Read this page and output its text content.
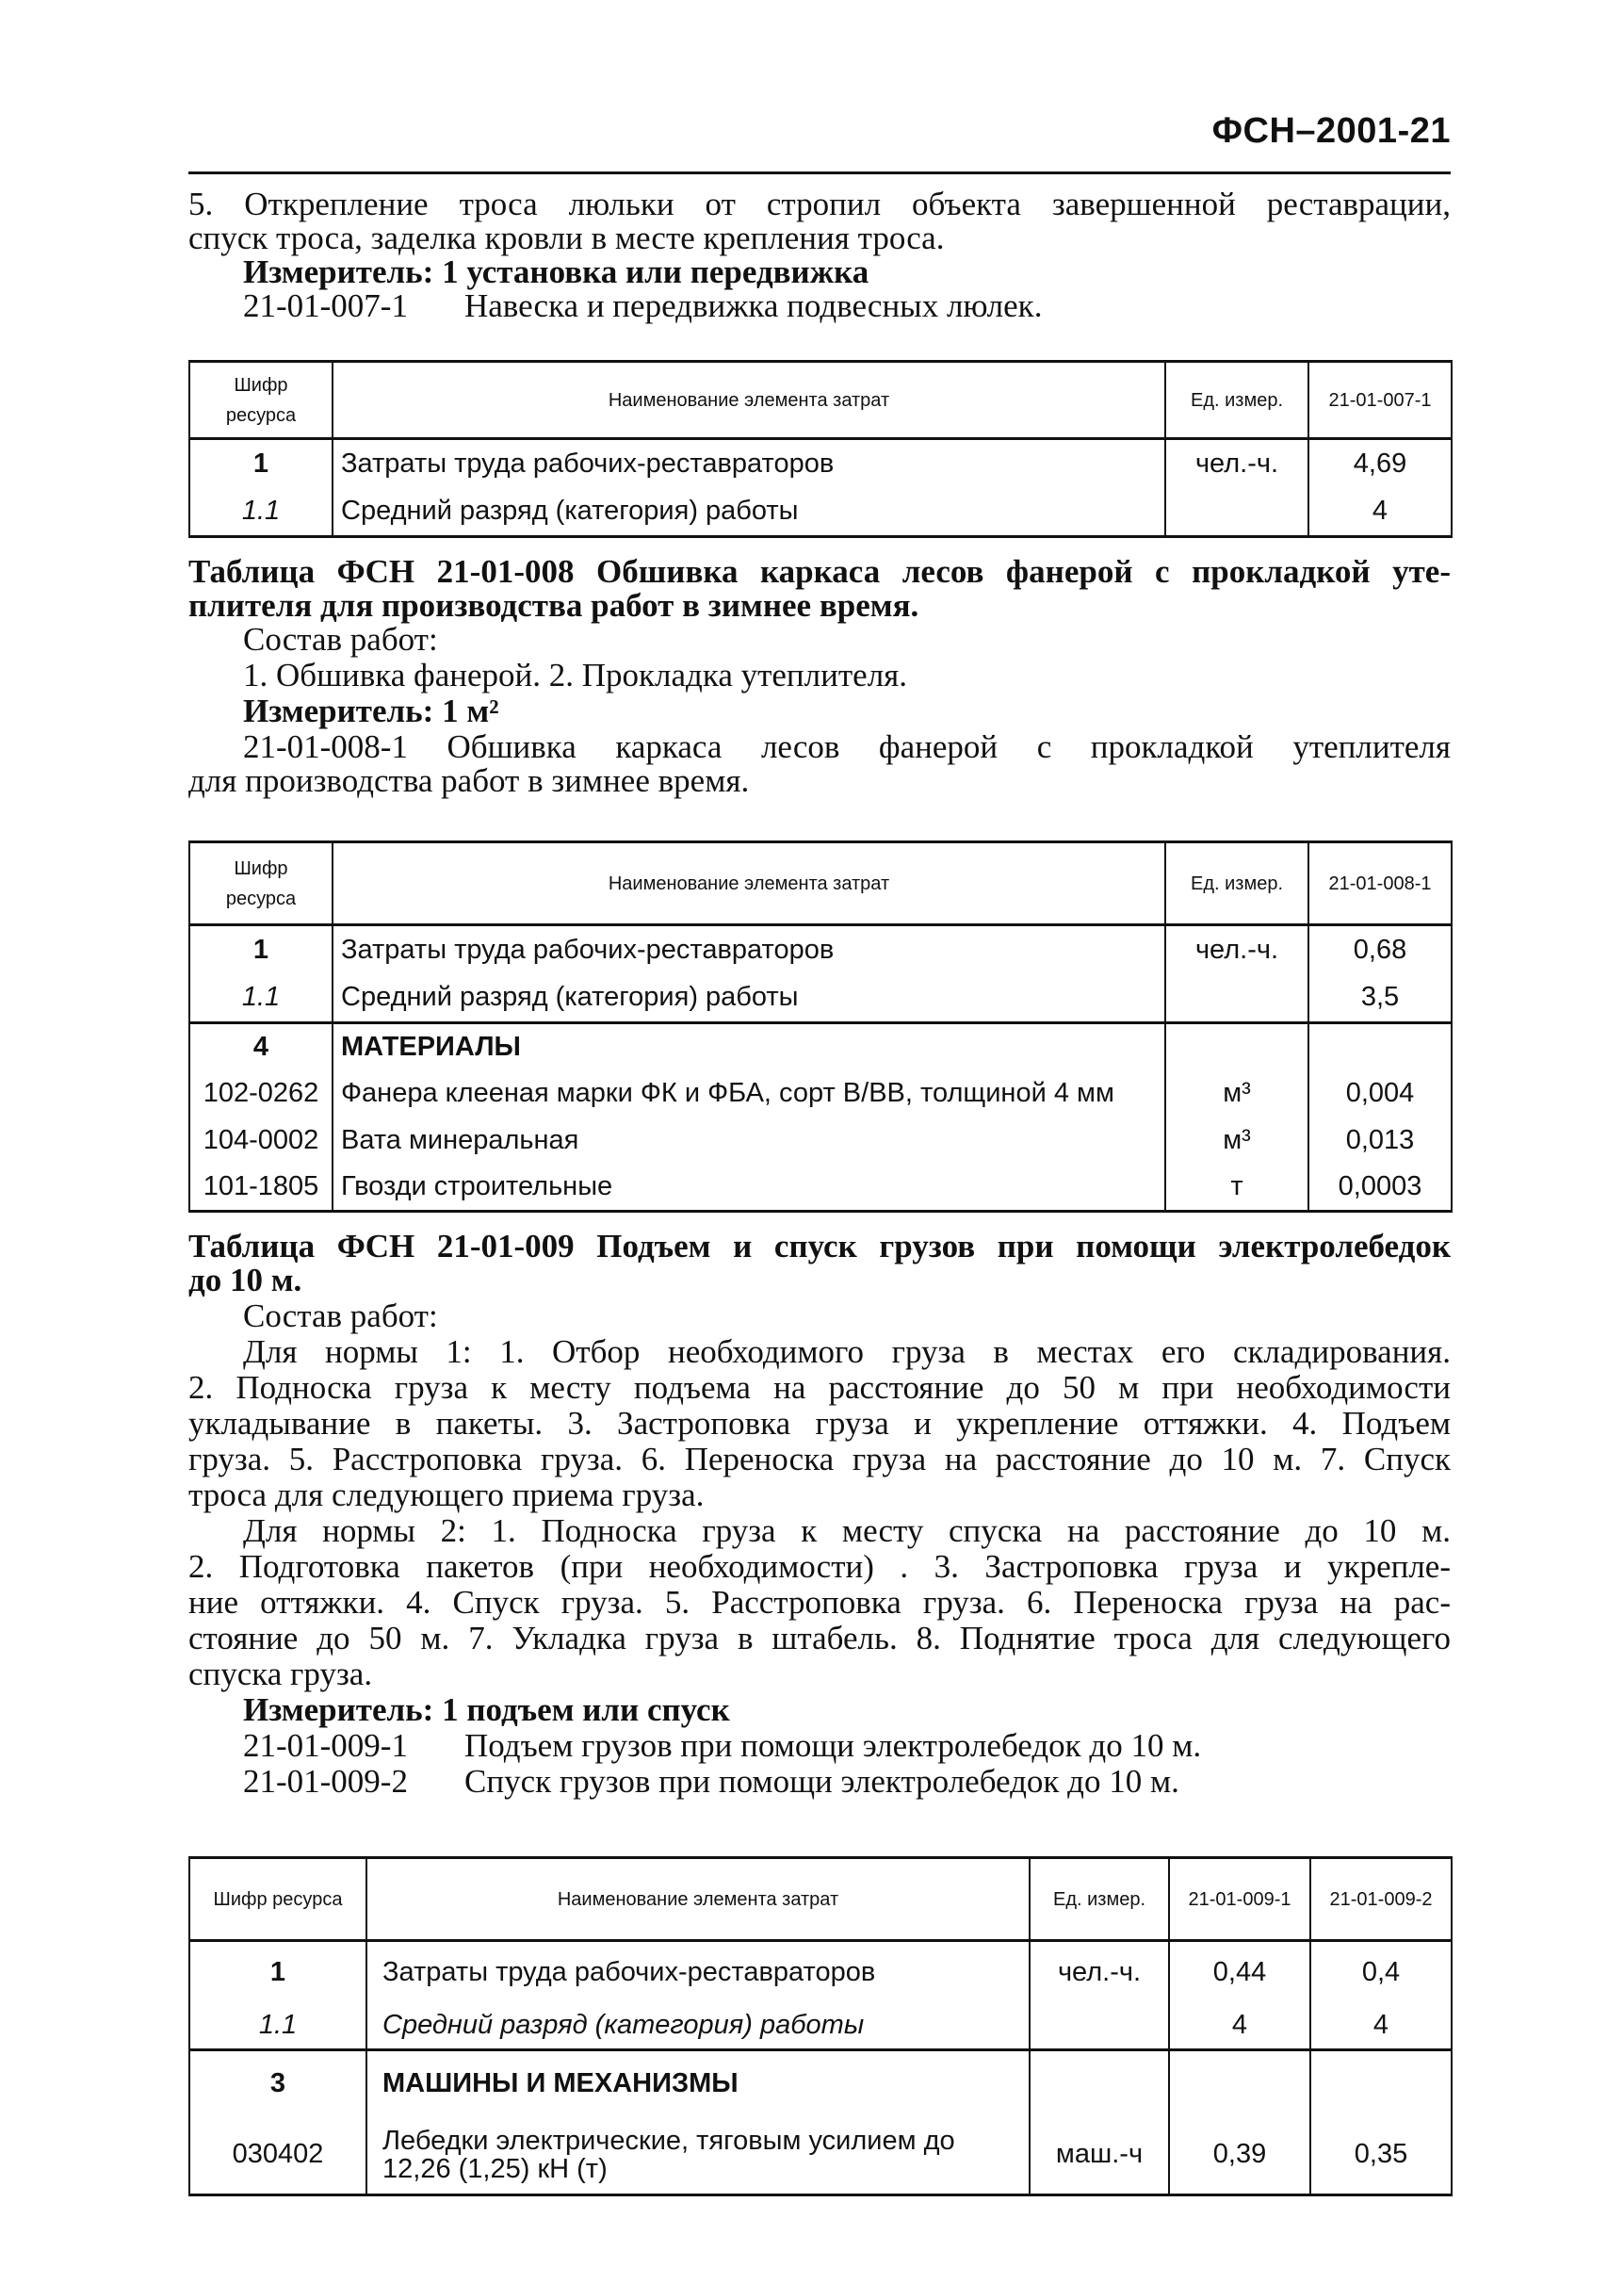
ФСН–2001-21
5. Открепление троса люльки от стропил объекта завершенной реставрации,
спуск троса, заделка кровли в месте крепления троса.
Измеритель: 1 установка или передвижка
21-01-007-1 Навеска и передвижка подвесных люлек.
Шифр ресурса	Наименование элемента затрат	Ед. измер.	21-01-007-1
1	Затраты труда рабочих-реставраторов	чел.-ч.	4,69
1.1	Средний разряд (категория) работы		4
Таблица ФСН 21-01-008 Обшивка каркаса лесов фанерой с прокладкой уте-
плителя для производства работ в зимнее время.
Состав работ:
1. Обшивка фанерой. 2. Прокладка утеплителя.
Измеритель: 1 м²
21-01-008-1 Обшивка каркаса лесов фанерой с прокладкой утеплителя
для производства работ в зимнее время.
Шифр ресурса	Наименование элемента затрат	Ед. измер.	21-01-008-1
1	Затраты труда рабочих-реставраторов	чел.-ч.	0,68
1.1	Средний разряд (категория) работы		3,5
4	МАТЕРИАЛЫ		
102-0262	Фанера клееная марки ФК и ФБА, сорт В/ВВ, толщиной 4 мм	м³	0,004
104-0002	Вата минеральная	м³	0,013
101-1805	Гвозди строительные	т	0,0003
Таблица ФСН 21-01-009 Подъем и спуск грузов при помощи электролебедок
до 10 м.
Состав работ:
Для нормы 1: 1. Отбор необходимого груза в местах его складирования.
2. Подноска груза к месту подъема на расстояние до 50 м при необходимости
укладывание в пакеты. 3. Застроповка груза и укрепление оттяжки. 4. Подъем
груза. 5. Расстроповка груза. 6. Переноска груза на расстояние до 10 м. 7. Спуск
троса для следующего приема груза.
Для нормы 2: 1. Подноска груза к месту спуска на расстояние до 10 м.
2. Подготовка пакетов (при необходимости) . 3. Застроповка груза и укрепле-
ние оттяжки. 4. Спуск груза. 5. Расстроповка груза. 6. Переноска груза на рас-
стояние до 50 м. 7. Укладка груза в штабель. 8. Поднятие троса для следующего
спуска груза.
Измеритель: 1 подъем или спуск
21-01-009-1 Подъем грузов при помощи электролебедок до 10 м.
21-01-009-2 Спуск грузов при помощи электролебедок до 10 м.
Шифр ресурса	Наименование элемента затрат	Ед. измер.	21-01-009-1	21-01-009-2
1	Затраты труда рабочих-реставраторов	чел.-ч.	0,44	0,4
1.1	Средний разряд (категория) работы		4	4
3	МАШИНЫ И МЕХАНИЗМЫ			
030402	Лебедки электрические, тяговым усилием до 12,26 (1,25) кН (т)	маш.-ч	0,39	0,35
